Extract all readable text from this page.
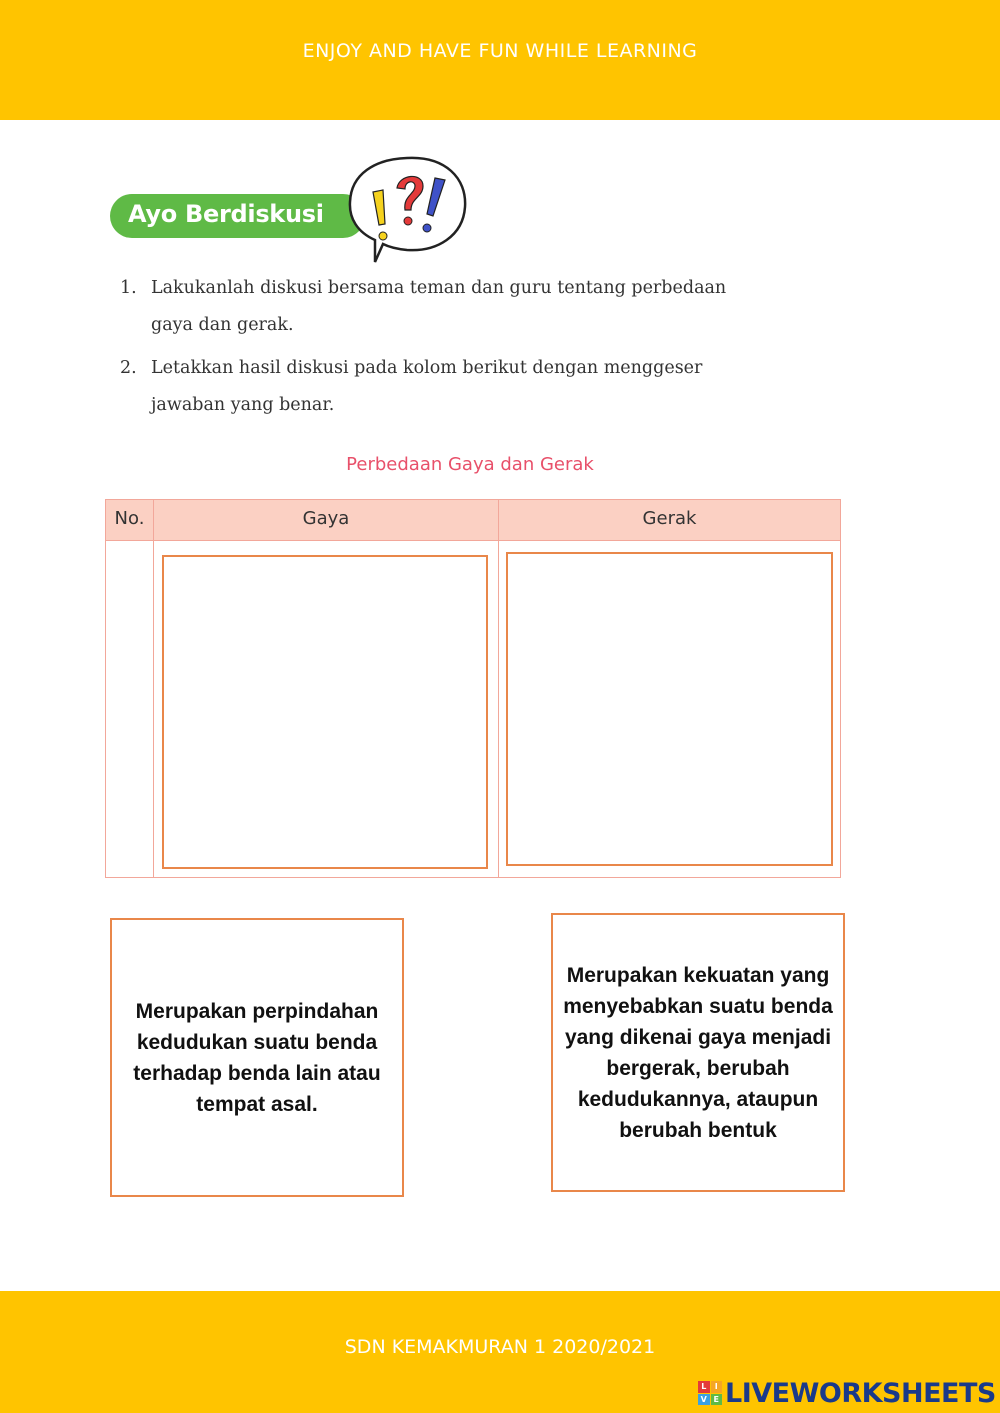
ENJOY AND HAVE FUN WHILE LEARNING
Ayo Berdiskusi
1. Lakukanlah diskusi bersama teman dan guru tentang perbedaan
gaya dan gerak.
2. Letakkan hasil diskusi pada kolom berikut dengan menggeser
jawaban yang benar.
Perbedaan Gaya dan Gerak
No.	Gaya	Gerak
Merupakan perpindahan kedudukan suatu benda terhadap benda lain atau tempat asal.
Merupakan kekuatan yang menyebabkan suatu benda yang dikenai gaya menjadi bergerak, berubah kedudukannya, ataupun berubah bentuk
SDN KEMAKMURAN 1 2020/2021
L	I
V E LIVEWORKSHEETS
